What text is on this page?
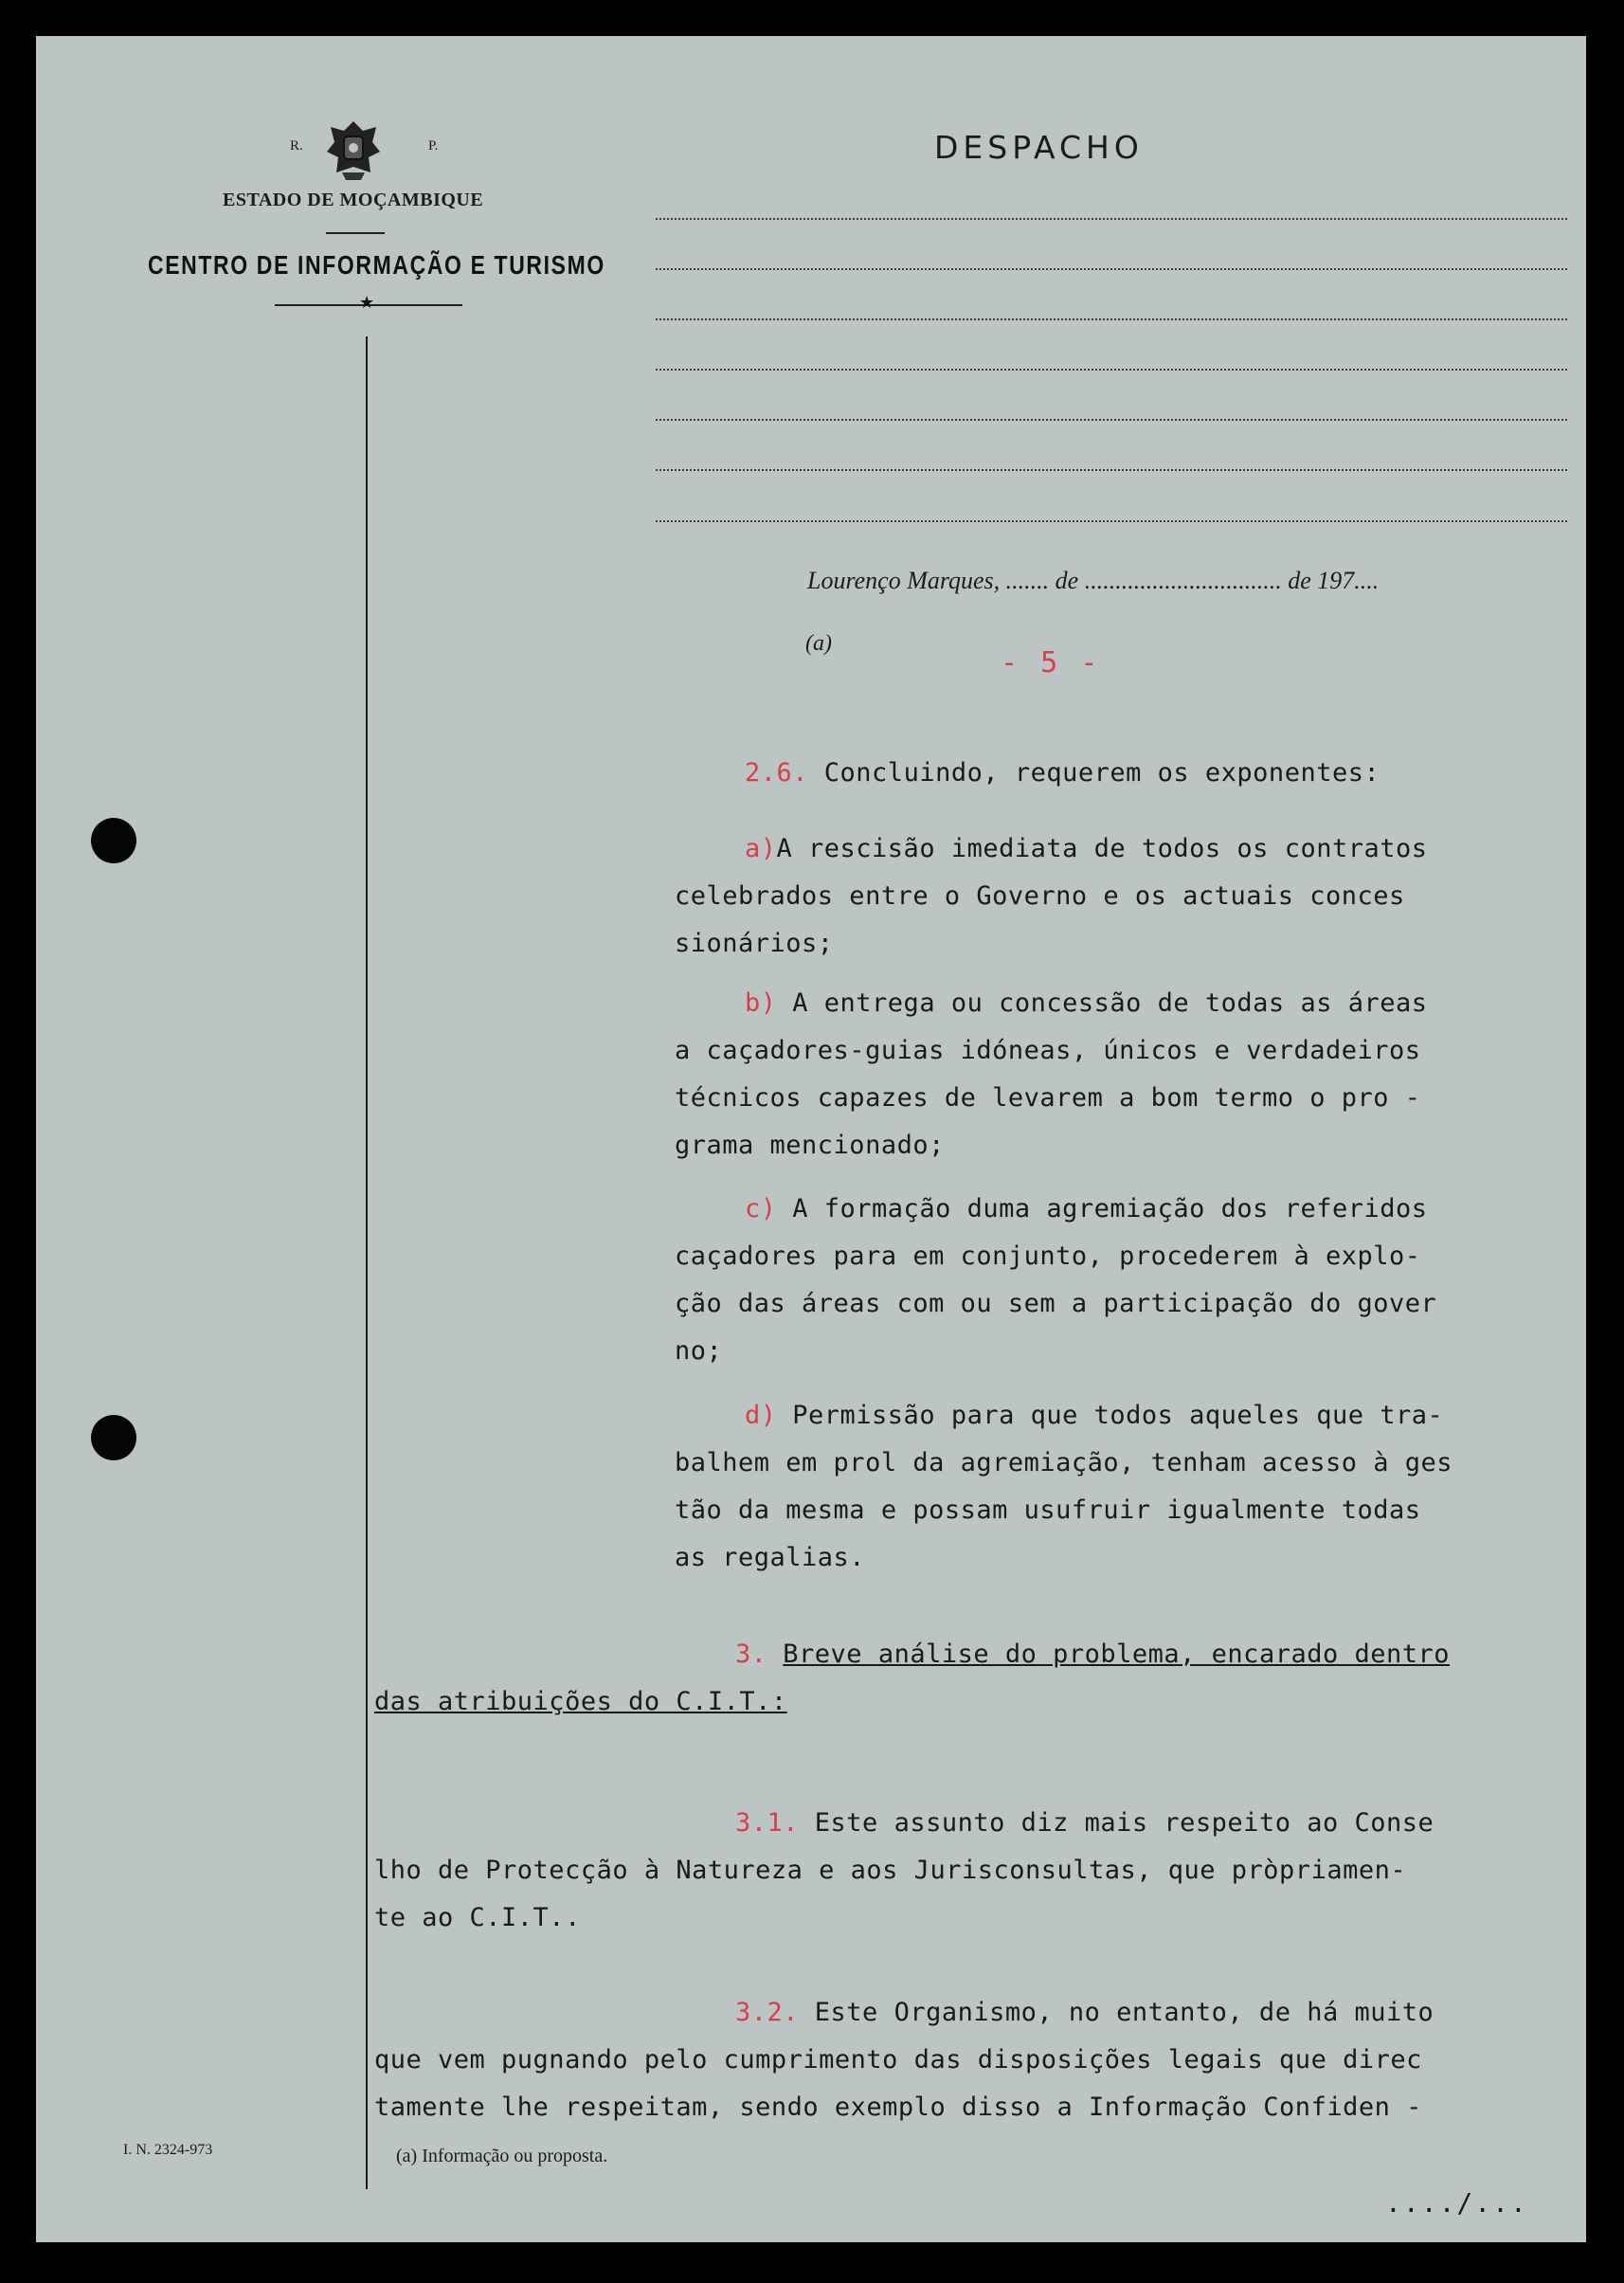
R.	P.
ESTADO DE MOÇAMBIQUE
CENTRO DE INFORMAÇÃO E TURISMO
★
DESPACHO
Lourenço Marques, ....... de ................................ de 197....
(a)
- 5 -
2.6. Concluindo, requerem os exponentes:
a)A rescisão imediata de todos os contratos
celebrados entre o Governo e os actuais conces
sionários;
b) A entrega ou concessão de todas as áreas
a caçadores-guias idóneas, únicos e verdadeiros
técnicos capazes de levarem a bom termo o pro -
grama mencionado;
c) A formação duma agremiação dos referidos
caçadores para em conjunto, procederem à explo-
ção das áreas com ou sem a participação do gover
no;
d) Permissão para que todos aqueles que tra-
balhem em prol da agremiação, tenham acesso à ges
tão da mesma e possam usufruir igualmente todas
as regalias.
3. Breve análise do problema, encarado dentro
das atribuições do C.I.T.:
3.1. Este assunto diz mais respeito ao Conse
lho de Protecção à Natureza e aos Jurisconsultas, que pròpriamen-
te ao C.I.T..
3.2. Este Organismo, no entanto, de há muito
que vem pugnando pelo cumprimento das disposições legais que direc
tamente lhe respeitam, sendo exemplo disso a Informação Confiden -
I. N. 2324-973	(a) Informação ou proposta.
..../...
